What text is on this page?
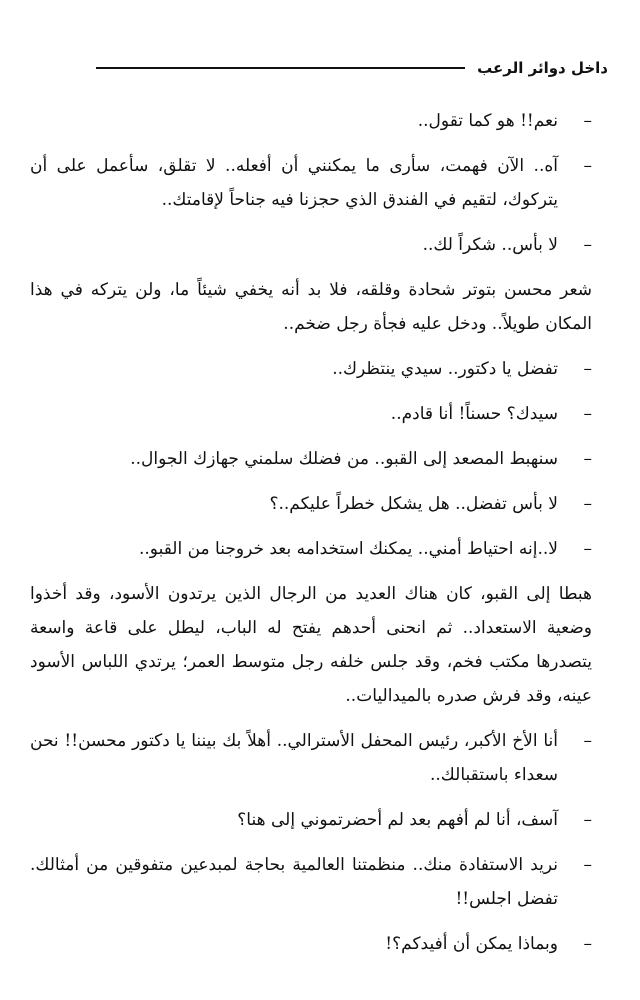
داخل دوائر الرعب
–
نعم!! هو كما تقول..
–
آه.. الآن فهمت، سأرى ما يمكنني أن أفعله.. لا تقلق، سأعمل على أن يتركوك، لتقيم في الفندق الذي حجزنا فيه جناحاً لإقامتك..
–
لا بأس.. شكراً لك..

شعر محسن بتوتر شحادة وقلقه، فلا بد أنه يخفي شيئاً ما، ولن يتركه في هذا المكان طويلاً.. ودخل عليه فجأة رجل ضخم..

–
تفضل يا دكتور.. سيدي ينتظرك..
–
سيدك؟ حسناً! أنا قادم..
–
سنهبط المصعد إلى القبو.. من فضلك سلمني جهازك الجوال..
–
لا بأس تفضل.. هل يشكل خطراً عليكم..؟
–
لا..إنه احتياط أمني.. يمكنك استخدامه بعد خروجنا من القبو..

هبطا إلى القبو، كان هناك العديد من الرجال الذين يرتدون الأسود، وقد أخذوا وضعية الاستعداد.. ثم انحنى أحدهم يفتح له الباب، ليطل على قاعة واسعة يتصدرها مكتب فخم، وقد جلس خلفه رجل متوسط العمر؛ يرتدي اللباس الأسود عينه، وقد فرش صدره بالميداليات..

–
أنا الأخ الأكبر، رئيس المحفل الأسترالي.. أهلاً بك بيننا يا دكتور محسن!! نحن سعداء باستقبالك..
–
آسف، أنا لم أفهم بعد لم أحضرتموني إلى هنا؟
–
نريد الاستفادة منك.. منظمتنا العالمية بحاجة لمبدعين متفوقين من أمثالك. تفضل اجلس!!
–
وبماذا يمكن أن أفيدكم؟!
